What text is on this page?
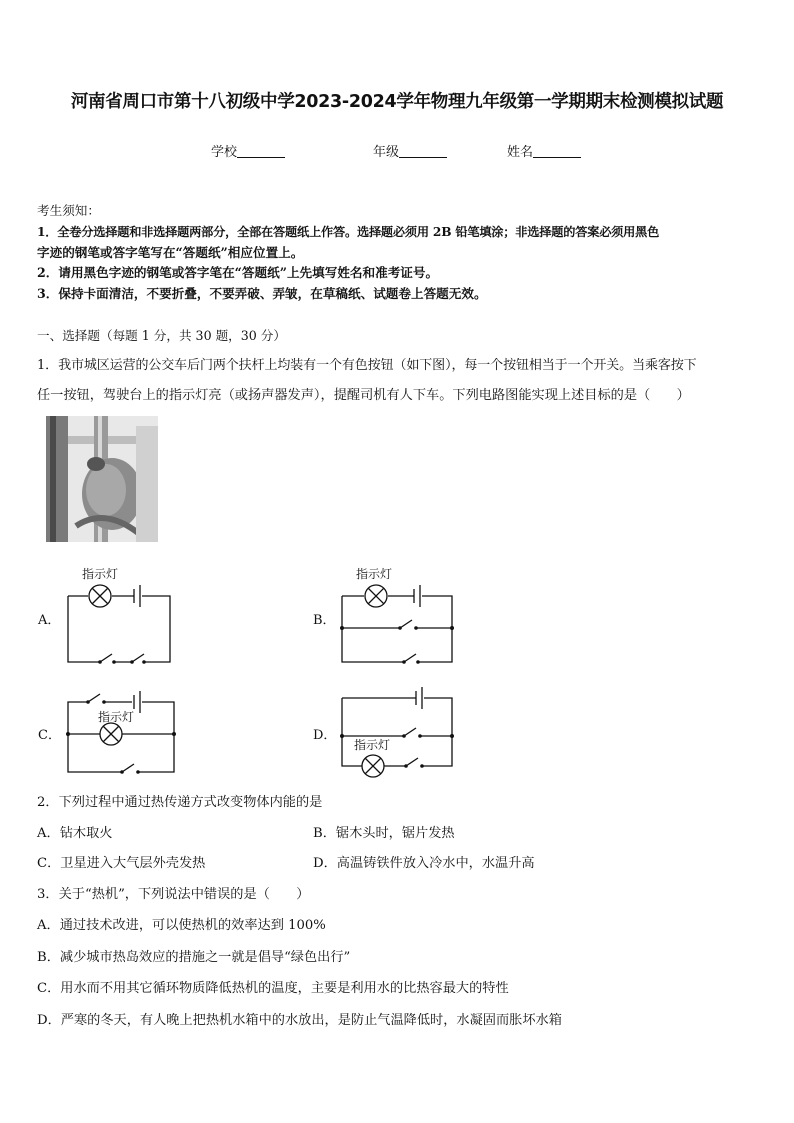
河南省周口市第十八初级中学2023-2024学年物理九年级第一学期期末检测模拟试题
学校	年级	姓名
考生须知：
1．全卷分选择题和非选择题两部分，全部在答题纸上作答。选择题必须用 2B 铅笔填涂；非选择题的答案必须用黑色
字迹的钢笔或答字笔写在“答题纸”相应位置上。
2．请用黑色字迹的钢笔或答字笔在“答题纸”上先填写姓名和准考证号。
3．保持卡面清洁，不要折叠，不要弄破、弄皱，在草稿纸、试题卷上答题无效。
一、选择题（每题 1 分，共 30 题，30 分）
1．我市城区运营的公交车后门两个扶杆上均装有一个有色按钮（如下图），每一个按钮相当于一个开关。当乘客按下
任一按钮，驾驶台上的指示灯亮（或扬声器发声），提醒司机有人下车。下列电路图能实现上述目标的是（　　）
A．	B．
C．	D．
指示灯	指示灯
指示灯
指示灯
2．下列过程中通过热传递方式改变物体内能的是
A．钻木取火	B．锯木头时，锯片发热
C．卫星进入大气层外壳发热	D．高温铸铁件放入冷水中，水温升高
3．关于“热机”，下列说法中错误的是（　　）
A．通过技术改进，可以使热机的效率达到 100%
B．减少城市热岛效应的措施之一就是倡导“绿色出行”
C．用水而不用其它循环物质降低热机的温度，主要是利用水的比热容最大的特性
D．严寒的冬天，有人晚上把热机水箱中的水放出，是防止气温降低时，水凝固而胀坏水箱
